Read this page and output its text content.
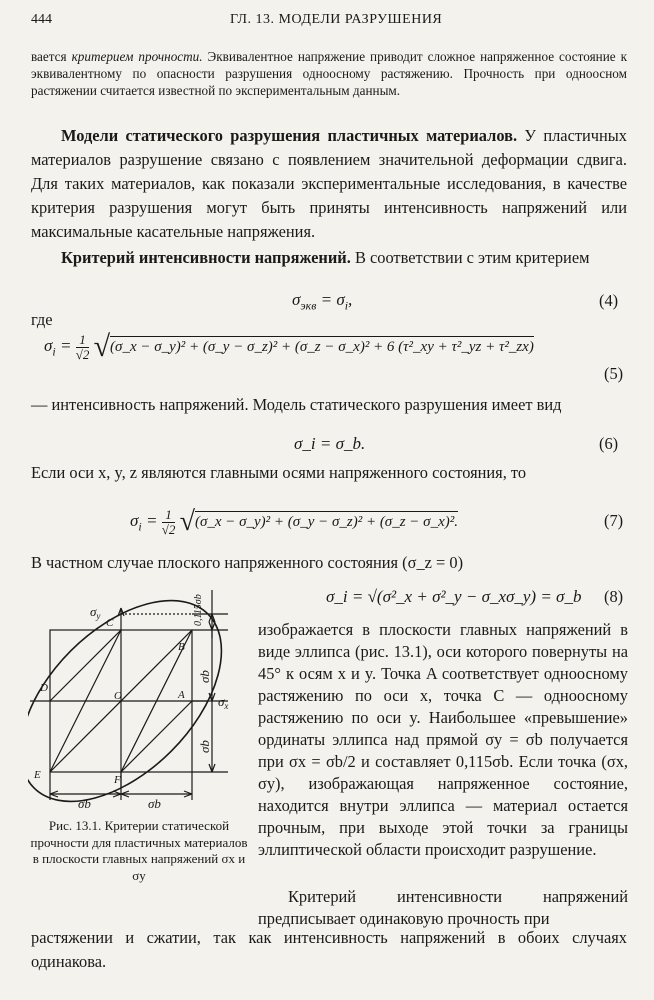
444	ГЛ. 13. МОДЕЛИ РАЗРУШЕНИЯ
вается критерием прочности. Эквивалентное напряжение приводит сложное напряженное состояние к эквивалентному по опасности разрушения одноосному растяжению. Прочность при одноосном растяжении считается известной по экспериментальным данным.
Модели статического разрушения пластичных материалов. У пластичных материалов разрушение связано с появлением значительной деформации сдвига. Для таких материалов, как показали экспериментальные исследования, в качестве критерия разрушения могут быть приняты интенсивность напряжений или максимальные касательные напряжения.
Критерий интенсивности напряжений. В соответствии с этим критерием
$\sigma_{экв} = \sigma_i$,	(4)
где
$\sigma_i = \frac{1}{√2}$ √(σ_x − σ_y)² + (σ_y − σ_z)² + (σ_z − σ_x)² + 6 (τ²_xy + τ²_yz + τ²_zx)
(5)
— интенсивность напряжений. Модель статического разрушения имеет вид
σ_i = σ_b.	(6)
Если оси x, y, z являются главными осями напряженного состояния, то
$\sigma_i = \frac{1}{√2}$ √(σ_x − σ_y)² + (σ_y − σ_z)² + (σ_z − σ_x)².	(7)
В частном случае плоского напряженного состояния (σ_z = 0)
σ_i = √(σ²_x + σ²_y − σ_xσ_y) = σ_b (8)
$\sigma_y$
$\sigma_x$
C
B
D
A
O
E	F
0,115σb
σb
σb
σb	σb
Рис. 13.1. Критерии статической прочности для пластичных материалов в плоскости главных напряжений σx и σy
изображается в плоскости главных напряжений в виде эллипса (рис. 13.1), оси которого повернуты на 45° к осям x и y. Точка A соответствует одноосному растяжению по оси x, точка C — одноосному растяжению по оси y. Наибольшее «превышение» ординаты эллипса над прямой σy = σb получается при σx = σb/2 и составляет 0,115σb. Если точка (σx, σy), изображающая напряженное состояние, находится внутри эллипса — материал остается прочным, при выходе этой точки за границы эллиптической области происходит разрушение.
Критерий интенсивности напряжений предписывает одинаковую прочность при
растяжении и сжатии, так как интенсивность напряжений в обоих случаях одинакова.
